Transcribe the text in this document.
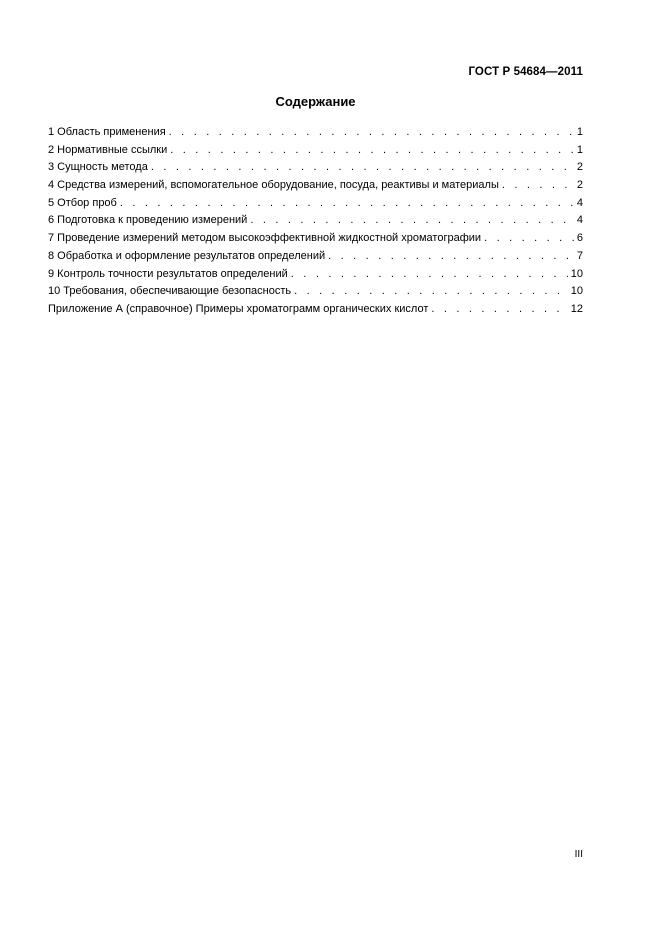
ГОСТ Р 54684—2011
Содержание
1 Область применения . . .	1
2 Нормативные ссылки . . .	1
3 Сущность метода . . .	2
4 Средства измерений, вспомогательное оборудование, посуда, реактивы и материалы . . .	2
5 Отбор проб . . .	4
6 Подготовка к проведению измерений . . .	4
7 Проведение измерений методом высокоэффективной жидкостной хроматографии . . .	6
8 Обработка и оформление результатов определений . . .	7
9 Контроль точности результатов определений . . .	10
10 Требования, обеспечивающие безопасность . . .	10
Приложение А (справочное) Примеры хроматограмм органических кислот . . .	12
III
